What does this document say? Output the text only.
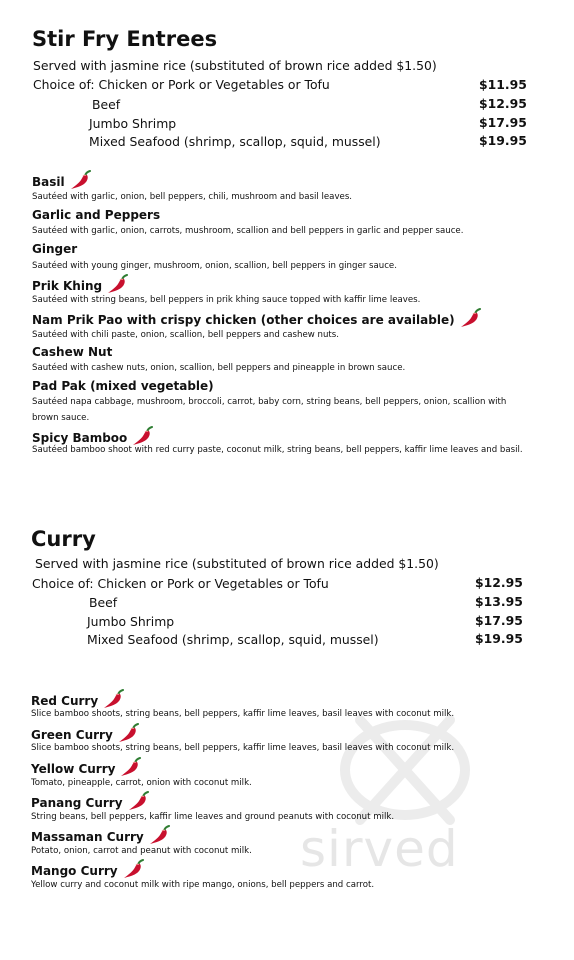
Stir Fry Entrees
Served with jasmine rice (substituted of brown rice added $1.50)
Choice of: Chicken or Pork or Vegetables or Tofu	$11.95
Beef	$12.95
Jumbo Shrimp	$17.95
Mixed Seafood (shrimp, scallop, squid, mussel)	$19.95
Basil
Sautéed with garlic, onion, bell peppers, chili, mushroom and basil leaves.
Garlic and Peppers
Sautéed with garlic, onion, carrots, mushroom, scallion and bell peppers in garlic and pepper sauce.
Ginger
Sautéed with young ginger, mushroom, onion, scallion, bell peppers in ginger sauce.
Prik Khing
Sautéed with string beans, bell peppers in prik khing sauce topped with kaffir lime leaves.
Nam Prik Pao with crispy chicken (other choices are available)
Sautéed with chili paste, onion, scallion, bell peppers and cashew nuts.
Cashew Nut
Sautéed with cashew nuts, onion, scallion, bell peppers and pineapple in brown sauce.
Pad Pak (mixed vegetable)
Sautéed napa cabbage, mushroom, broccoli, carrot, baby corn, string beans, bell peppers, onion, scallion with brown sauce.
Spicy Bamboo
Sautéed bamboo shoot with red curry paste, coconut milk, string beans, bell peppers, kaffir lime leaves and basil.
Curry
Served with jasmine rice (substituted of brown rice added $1.50)
Choice of: Chicken or Pork or Vegetables or Tofu	$12.95
Beef	$13.95
Jumbo Shrimp	$17.95
Mixed Seafood (shrimp, scallop, squid, mussel)	$19.95
sirved
Red Curry
Slice bamboo shoots, string beans, bell peppers, kaffir lime leaves, basil leaves with coconut milk.
Green Curry
Slice bamboo shoots, string beans, bell peppers, kaffir lime leaves, basil leaves with coconut milk.
Yellow Curry
Tomato, pineapple, carrot, onion with coconut milk.
Panang Curry
String beans, bell peppers, kaffir lime leaves and ground peanuts with coconut milk.
Massaman Curry
Potato, onion, carrot and peanut with coconut milk.
Mango Curry
Yellow curry and coconut milk with ripe mango, onions, bell peppers and carrot.
